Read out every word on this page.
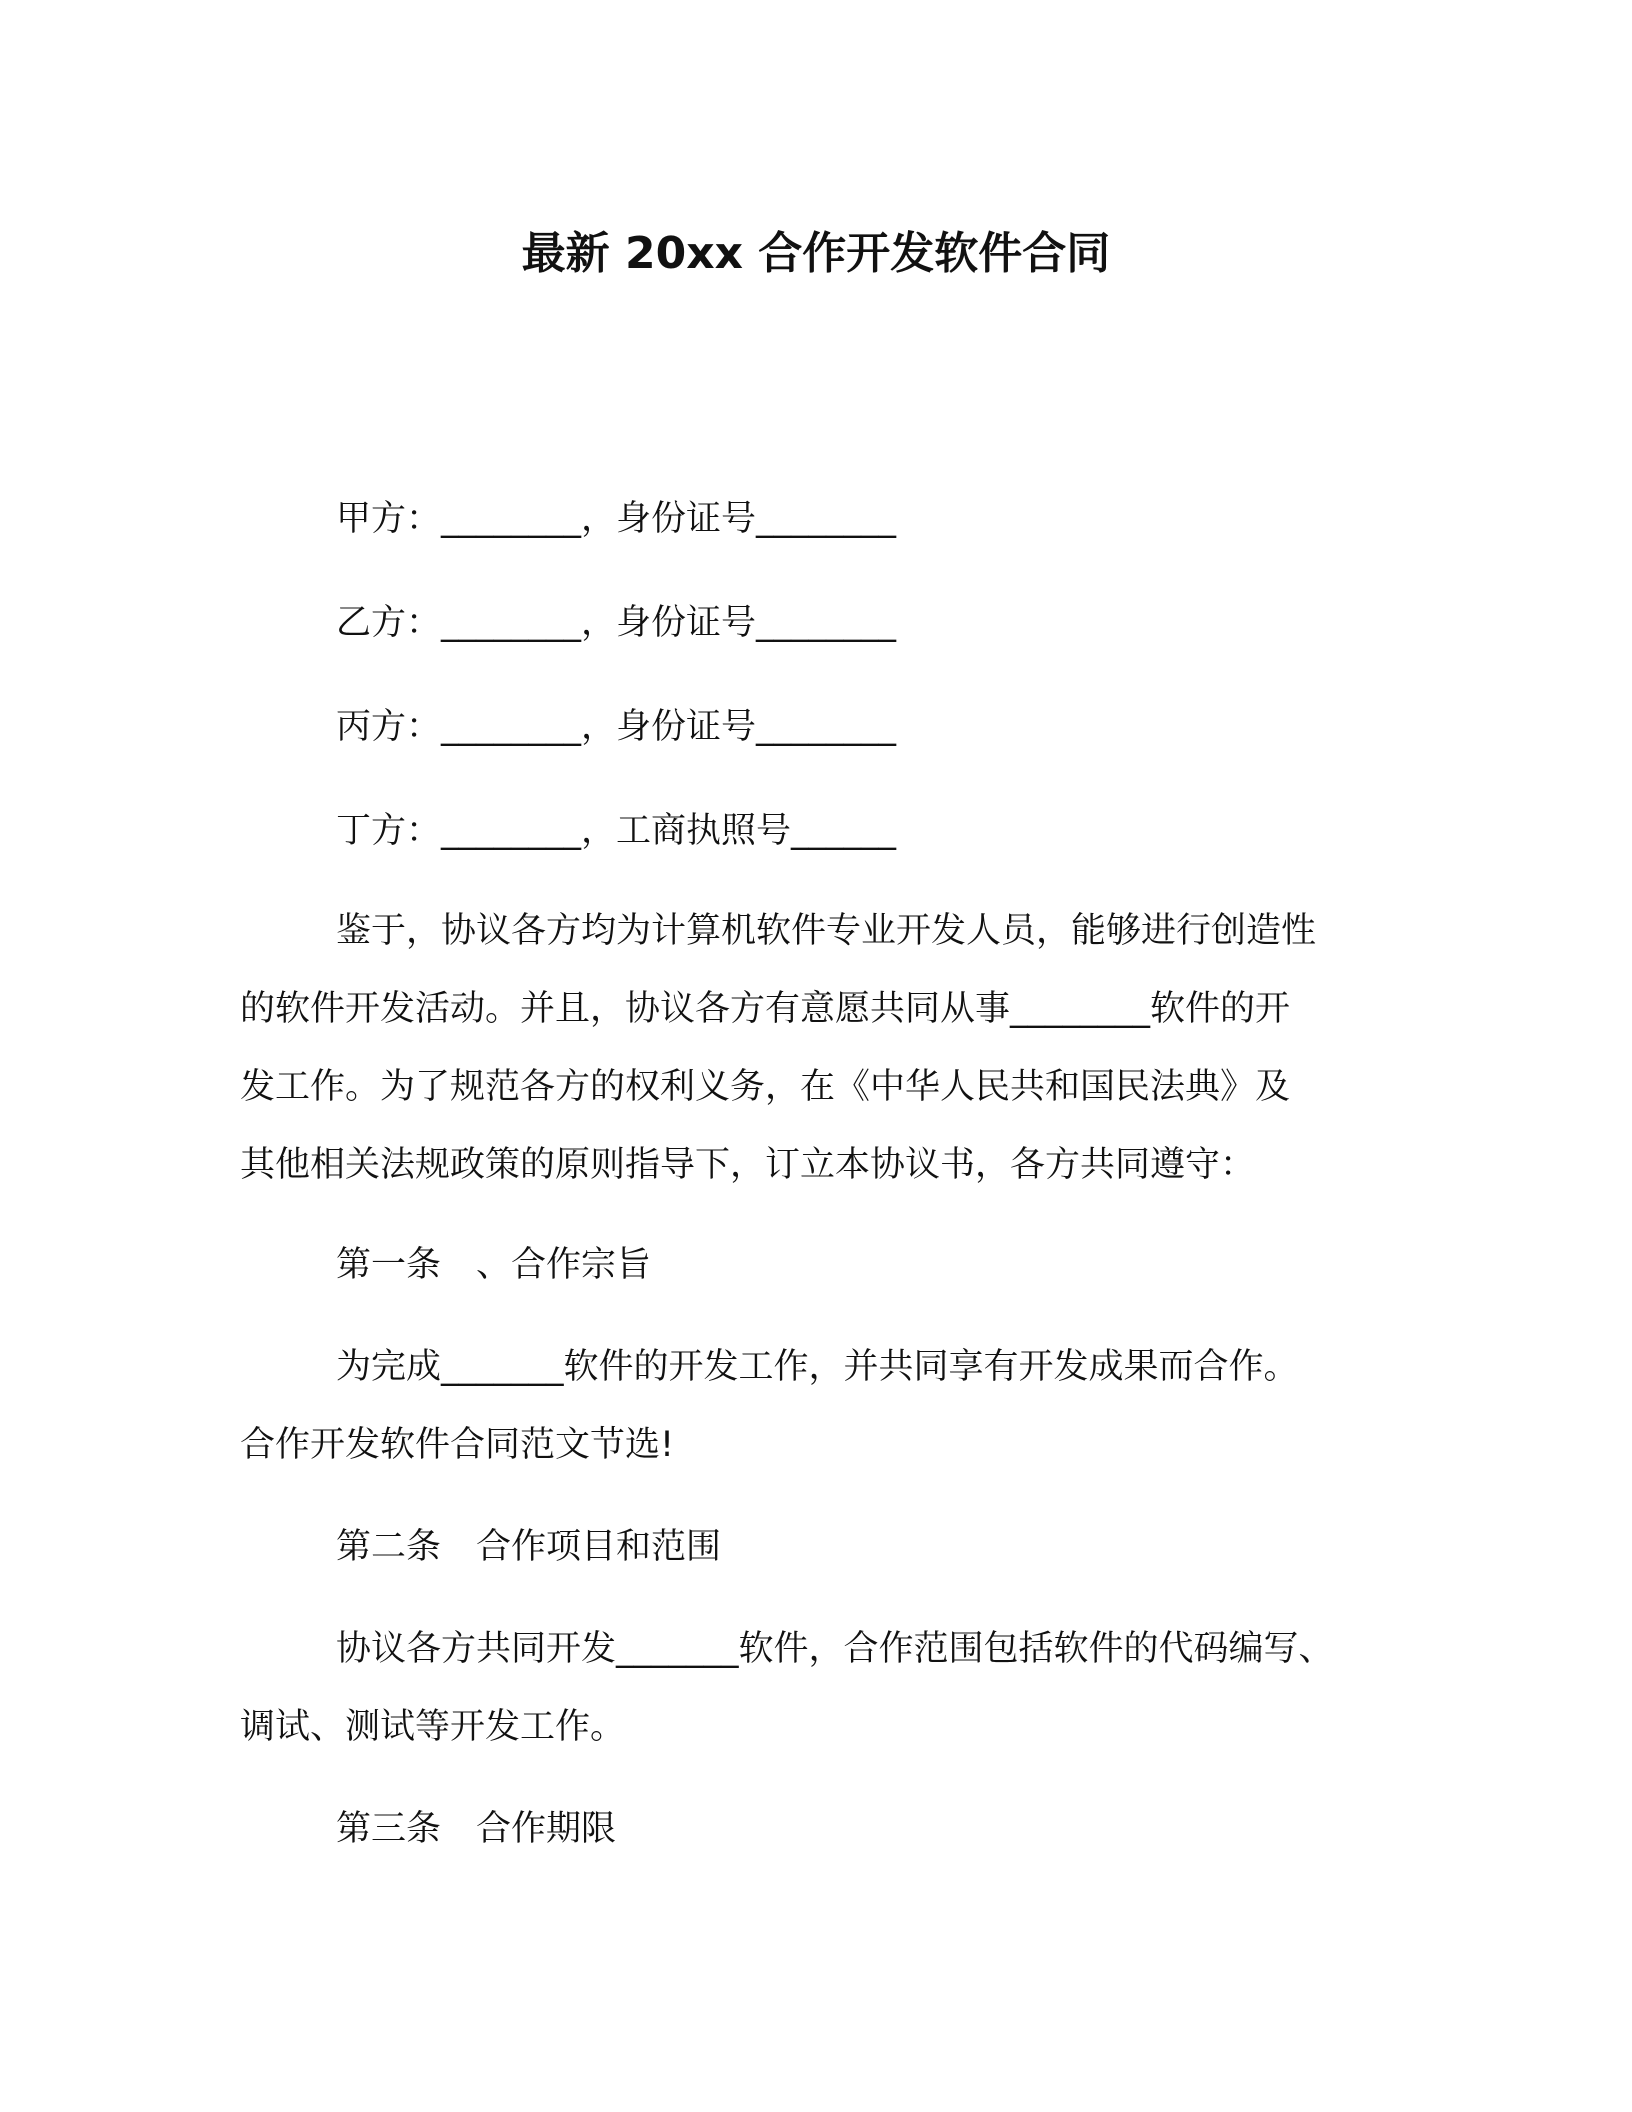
最新 20xx 合作开发软件合同

甲方：________，身份证号________

乙方：________，身份证号________

丙方：________，身份证号________

丁方：________，工商执照号______

鉴于，协议各方均为计算机软件专业开发人员，能够进行创造性

的软件开发活动。并且，协议各方有意愿共同从事________软件的开

发工作。为了规范各方的权利义务，在《中华人民共和国民法典》及

其他相关法规政策的原则指导下，订立本协议书，各方共同遵守：

第一条　、合作宗旨

为完成_______软件的开发工作，并共同享有开发成果而合作。

合作开发软件合同范文节选!

第二条　合作项目和范围

协议各方共同开发_______软件，合作范围包括软件的代码编写、

调试、测试等开发工作。

第三条　合作期限
